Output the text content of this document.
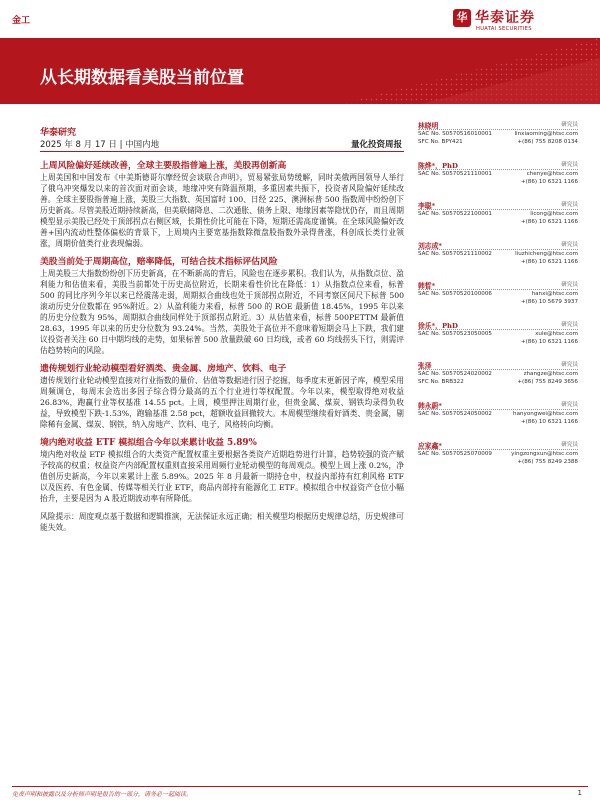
金工	华 华泰证券
HUATAI SECURITIES
从长期数据看美股当前位置
华泰研究
2025 年 8 月 17 日 | 中国内地	量化投资周报

上周风险偏好延续改善，全球主要股指普遍上涨，美股再创新高

上周美国和中国发布《中美斯德哥尔摩经贸会谈联合声明》，贸易紧张局势缓解，同时美俄两国领导人举行了俄乌冲突爆发以来的首次面对面会谈，地缘冲突有降温预期，多重因素共振下，投资者风险偏好延续改善。全球主要股指普遍上涨，美股三大指数、英国富时 100、日经 225、澳洲标普 500 指数周中纷纷创下历史新高。尽管美股近期持续新高，但美联储降息、二次通胀、债务上限、地缘因素等隐忧仍存，而且周期模型显示美股已经处于顶部拐点右侧区域，长期性价比可能在下降，短期还需高度谨慎。在全球风险偏好改善+国内流动性整体偏松的背景下，上周境内主要宽基指数除微盘股指数外录得普涨，科创成长类行业领涨，周期价值类行业表现偏弱。

美股当前处于周期高位，赔率降低，可结合技术指标评估风险

上周美股三大指数纷纷创下历史新高，在不断新高的背后，风险也在逐步累积。我们认为，从指数点位、盈利能力和估值来看，美股当前都处于历史高位附近，长期来看性价比在降低：1）从指数点位来看，标普 500 的同比序列今年以来已经震荡走弱，周期拟合曲线也处于顶部拐点附近，不同考察区间尺下标普 500 滚动历史分位数都在 95%附近。2）从盈利能力来看，标普 500 的 ROE 最新值 18.45%，1995 年以来的历史分位数为 95%，周期拟合曲线同样处于顶部拐点附近。3）从估值来看，标普 500PETTM 最新值 28.63，1995 年以来的历史分位数为 93.24%。当然，美股处于高位并不意味着短期会马上下跌，我们建议投资者关注 60 日中期均线的走势，如果标普 500 放量跌破 60 日均线，或者 60 均线拐头下行，则需评估趋势转向的风险。

遗传规划行业轮动模型看好酒类、贵金属、房地产、饮料、电子

遗传规划行业轮动模型直接对行业指数的量价、估值等数据进行因子挖掘，每季度末更新因子库，模型采用周频调仓，每周末会选出多因子综合得分最高的五个行业进行等权配置。今年以来，模型取得绝对收益 26.83%，跑赢行业等权基准 14.55 pct。上周，模型押注周期行业，但贵金属、煤炭、钢铁均录得负收益，导致模型下跌-1.53%，跑输基准 2.58 pct，超额收益回撤较大。本周模型继续看好酒类、贵金属，剔除稀有金属、煤炭、钢铁，纳入房地产、饮料、电子，风格转向均衡。

境内绝对收益 ETF 模拟组合今年以来累计收益 5.89%

境内绝对收益 ETF 模拟组合的大类资产配置权重主要根据各类资产近期趋势进行计算，趋势较强的资产赋予较高的权重；权益资产内部配置权重则直接采用周频行业轮动模型的每周观点。模型上周上涨 0.2%，净值创历史新高，今年以来累计上涨 5.89%。2025 年 8 月最新一期持仓中，权益内部持有红利风格 ETF 以及医药、有色金属、传媒等相关行业 ETF，商品内部持有能源化工 ETF。模拟组合中权益资产仓位小幅抬升，主要是因为 A 股近期波动率有所降低。

风险提示：周度观点基于数据和逻辑推演，无法保证永远正确；相关模型均根据历史规律总结，历史规律可能失效。

林晓明	研究员
SAC No. S0570516010001	linxiaoming@htsc.com
SFC No. BPY421	+(86) 755 8208 0134
陈烨*，PhD	研究员
SAC No. S0570521110001	chenye@htsc.com
+(86) 10 6321 1166
李聪*	研究员
SAC No. S0570522100001	licong@htsc.com
+(86) 10 6321 1166
刘志成*	研究员
SAC No. S0570521110002	liuzhicheng@htsc.com
+(86) 10 6321 1166
韩晳*	研究员
SAC No. S0570520100006	hanxi@htsc.com
+(86) 10 5679 3937
徐乐*，PhD	研究员
SAC No. S0570523050005	xule@htsc.com
+(86) 10 6321 1166
张泽	研究员
SAC No. S0570524020002	zhangze@htsc.com
SFC No. BRB322	+(86) 755 8249 3656
韩永蔚*	研究员
SAC No. S0570524050002	hanyongwei@htsc.com
+(86) 10 6321 1166
应家鑫*	研究员
SAC No. S0570525070009	yingzongxun@htsc.com
+(86) 755 8249 2388
免责声明和披露以及分析师声明是报告的一部分，请务必一起阅读。	1
